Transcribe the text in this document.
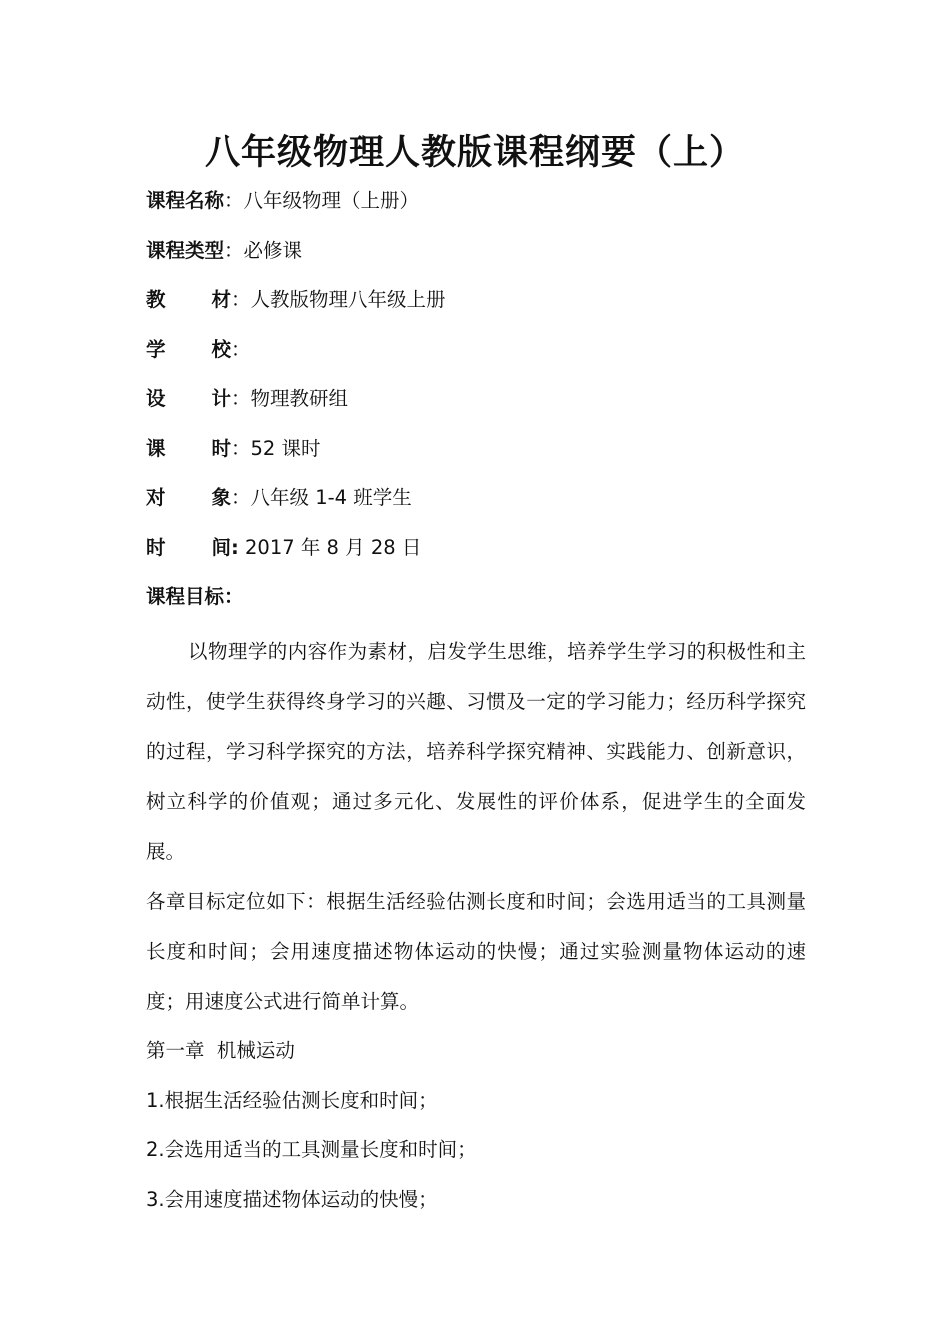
八年级物理人教版课程纲要（上）
课程名称：八年级物理（上册）
课程类型：必修课
教 材 ：人教版物理八年级上册
学 校 ：
设 计 ：物理教研组
课 时 ：52 课时
对 象 ：八年级 1-4 班学生
时 间 : 2017 年 8 月 28 日
课程目标：

以物理学的内容作为素材，启发学生思维，培养学生学习的积极性和主动性，使学生获得终身学习的兴趣、习惯及一定的学习能力；经历科学探究的过程，学习科学探究的方法，培养科学探究精神、实践能力、创新意识，树立科学的价值观；通过多元化、发展性的评价体系，促进学生的全面发展。

各章目标定位如下：根据生活经验估测长度和时间；会选用适当的工具测量长度和时间；会用速度描述物体运动的快慢；通过实验测量物体运动的速度；用速度公式进行简单计算。

第一章  机械运动
1.根据生活经验估测长度和时间；
2.会选用适当的工具测量长度和时间；
3.会用速度描述物体运动的快慢；
